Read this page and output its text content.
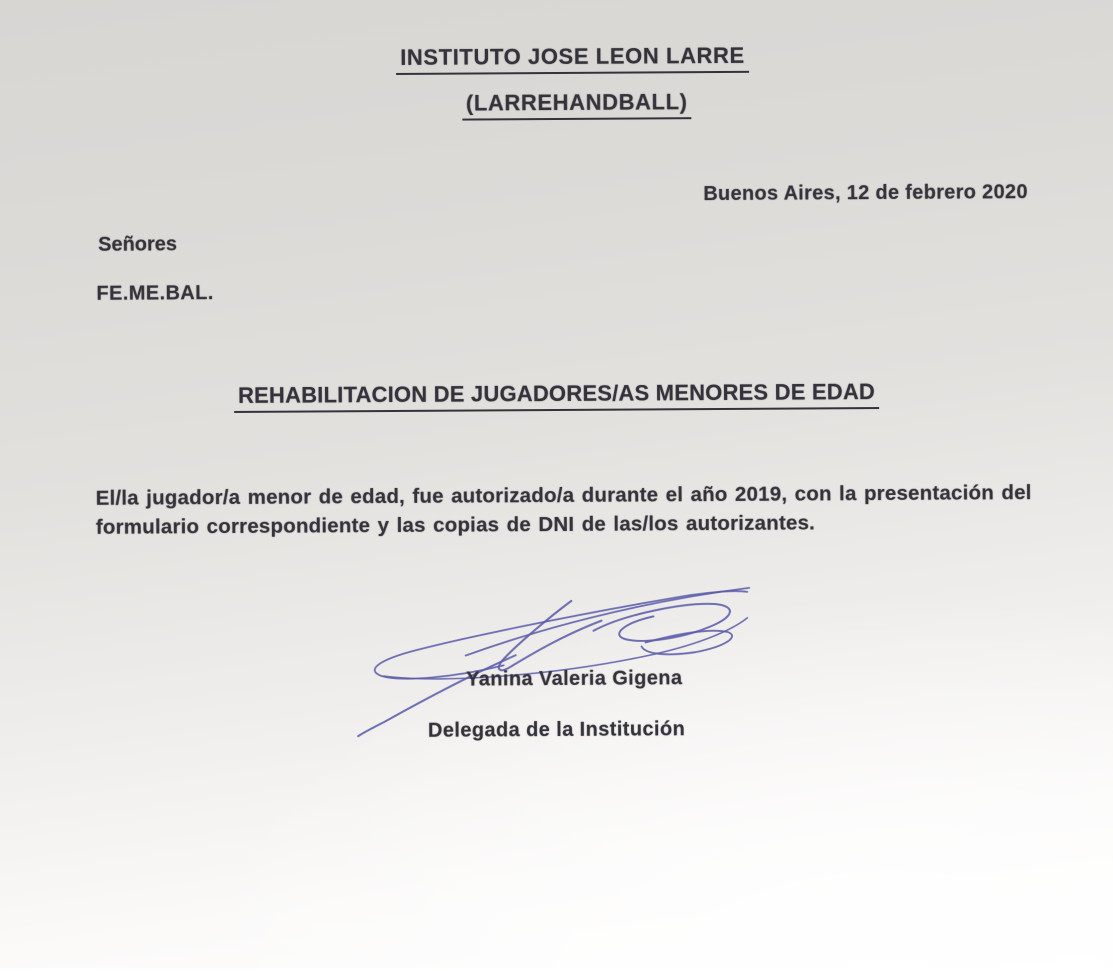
INSTITUTO JOSE LEON LARRE
(LARREHANDBALL)
Buenos Aires, 12 de febrero 2020
Señores
FE.ME.BAL.
REHABILITACION DE JUGADORES/AS MENORES DE EDAD

El/la jugador/a menor de edad, fue autorizado/a durante el año 2019, con la presentación del
formulario correspondiente y las copias de DNI de las/los autorizantes.

Yanina Valeria Gigena
Delegada de la Institución
